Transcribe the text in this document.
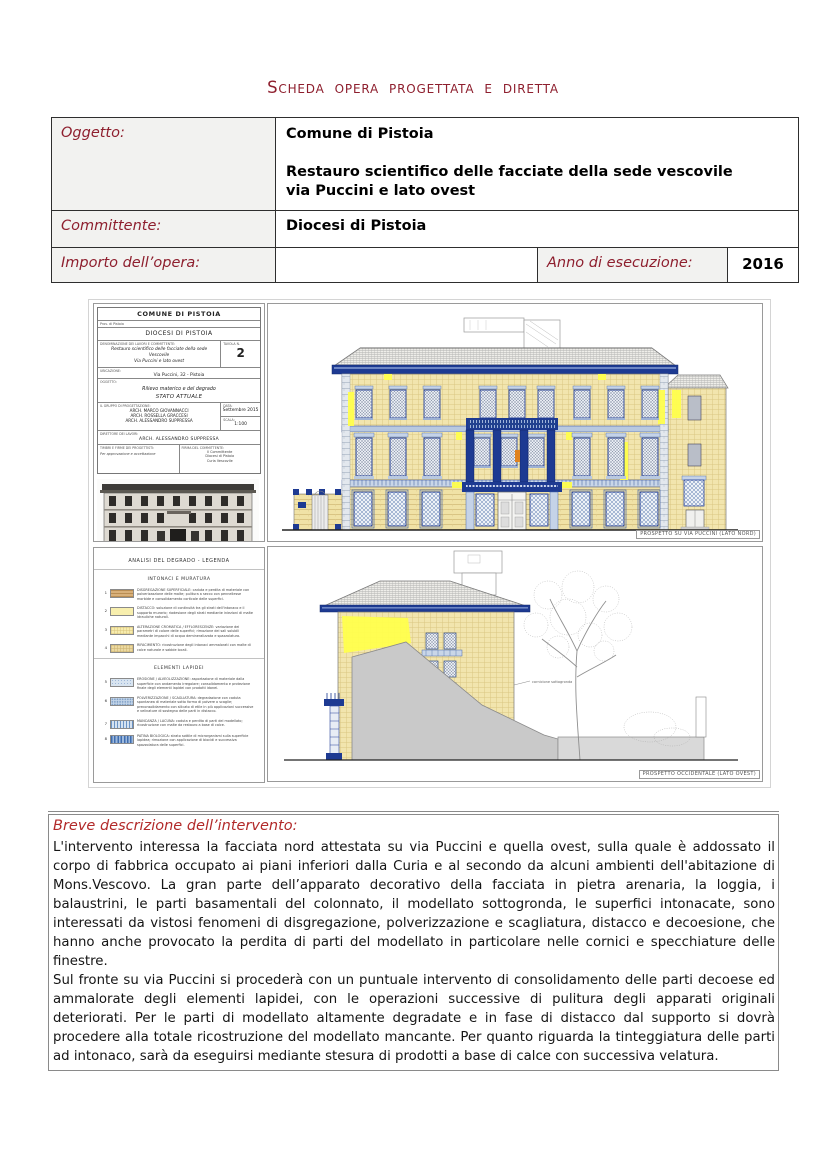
Scheda opera progettata e diretta
Oggetto:	Comune di Pistoia
Restauro scientifico delle facciate della sede vescovile
via Puccini e lato ovest
Committente:	Diocesi di Pistoia
Importo dell’opera:	Anno di esecuzione:	2016
COMUNE DI PISTOIA
Prov. di Pistoia
DIOCESI DI PISTOIA
DENOMINAZIONE DEI LAVORI E COMMITTENTE:
Restauro scientifico delle facciate della sede Vescovile
Via Puccini e lato ovest
TAVOLA N.
2
UBICAZIONE:
Via Puccini, 32 - Pistoia
OGGETTO:
Rilievo materico e del degrado
STATO ATTUALE
IL GRUPPO DI PROGETTAZIONE:
ARCH. MARCO GIOVANNACCI
ARCH. ROSSELLA GRACCESI
ARCH. ALESSANDRO SUPPRESSA
DATA:
Settembre 2015
SCALA:
1:100
DIRETTORE DEI LAVORI:
ARCH. ALESSANDRO SUPPRESSA
TIMBRI E FIRME DEI PROGETTISTI:
Per approvazione e accettazione
FIRMA DEL COMMITTENTE:
Il Committente
Diocesi di Pistoia
Curia Vescovile
PROSPETTO SU VIA PUCCINI (LATO NORD)
ANALISI DEL DEGRADO - LEGENDA
INTONACI E MURATURA
1	DISGREGAZIONE SUPERFICIALE: caduta e perdita di materiale con polverizzazione delle malte; pulitura a secco con pennellesse morbide e consolidamento corticale delle superfici.
2	DISTACCO: soluzione di continuità tra gli strati dell'intonaco e il supporto murario; riadesione degli strati mediante iniezioni di malte idrauliche naturali.
3	ALTERAZIONE CROMATICA / EFFLORESCENZE: variazione dei parametri di colore delle superfici; rimozione dei sali solubili mediante impacchi di acqua demineralizzata e spazzolatura.
4	RIFACIMENTO: ricostruzione degli intonaci ammalorati con malte di calce naturale e sabbie locali.
ELEMENTI LAPIDEI
5	EROSIONE / ALVEOLIZZAZIONE: asportazione di materiale dalla superficie con andamento irregolare; consolidamento e protezione finale degli elementi lapidei con prodotti idonei.
6	POLVERIZZAZIONE / SCAGLIATURA: degradazione con caduta spontanea di materiale sotto forma di polvere o scaglie; preconsolidamento con silicato di etile in più applicazioni successive e velinature di sostegno delle parti in distacco.
7	MANCANZA / LACUNA: caduta e perdita di parti del modellato; ricostruzione con malte da restauro a base di calce.
8	PATINA BIOLOGICA: strato sottile di microrganismi sulla superficie lapidea; rimozione con applicazione di biocidi e successiva spazzolatura delle superfici.
cornicione sottogronda
PROSPETTO OCCIDENTALE (LATO OVEST)
Breve descrizione dell’intervento:

L'intervento interessa la facciata nord attestata su via Puccini e quella ovest, sulla quale è addossato il corpo di fabbrica occupato ai piani inferiori dalla Curia e al secondo da alcuni ambienti dell'abitazione di Mons.Vescovo. La gran parte dell’apparato decorativo della facciata in pietra arenaria, la loggia, i balaustrini, le parti basamentali del colonnato, il modellato sottogronda, le superfici intonacate, sono interessati da vistosi fenomeni di disgregazione, polverizzazione e scagliatura, distacco e decoesione, che hanno anche provocato la perdita di parti del modellato in particolare nelle cornici e specchiature delle finestre.

Sul fronte su via Puccini si procederà con un puntuale intervento di consolidamento delle parti decoese ed ammalorate degli elementi lapidei, con le operazioni successive di pulitura degli apparati originali deteriorati. Per le parti di modellato altamente degradate e in fase di distacco dal supporto si dovrà procedere alla totale ricostruzione del modellato mancante. Per quanto riguarda la tinteggiatura delle parti ad intonaco, sarà da eseguirsi mediante stesura di prodotti a base di calce con successiva velatura.
